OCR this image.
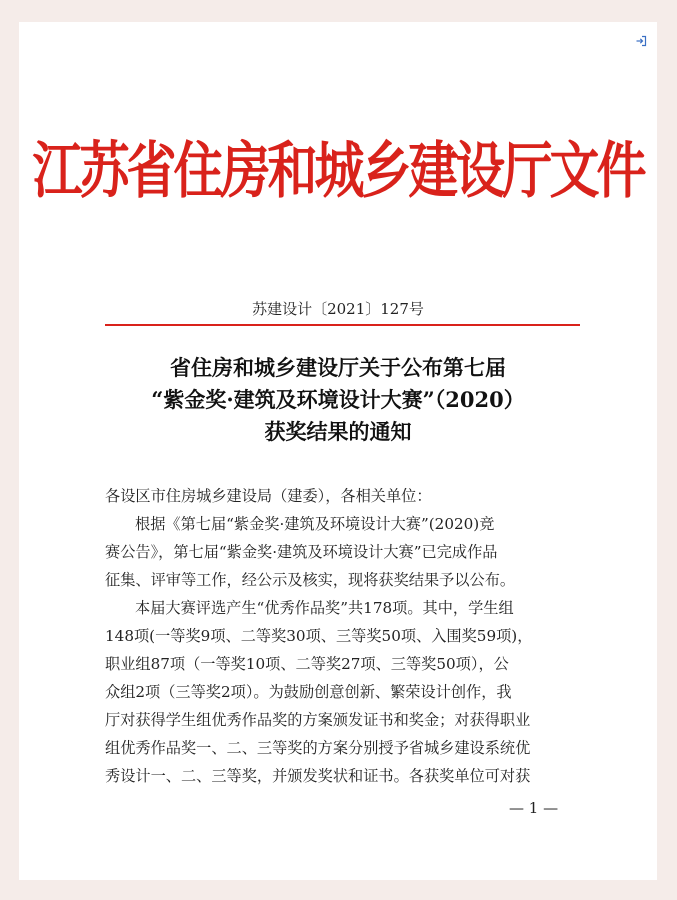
江苏省住房和城乡建设厅文件
苏建设计〔2021〕127号
省住房和城乡建设厅关于公布第七届
“紫金奖·建筑及环境设计大赛”（2020）
获奖结果的通知

各设区市住房城乡建设局（建委），各相关单位：

根据《第七届“紫金奖·建筑及环境设计大赛”(2020)竞

赛公告》，第七届“紫金奖·建筑及环境设计大赛”已完成作品

征集、评审等工作，经公示及核实，现将获奖结果予以公布。

本届大赛评选产生“优秀作品奖”共178项。其中，学生组

148项(一等奖9项、二等奖30项、三等奖50项、入围奖59项)，

职业组87项（一等奖10项、二等奖27项、三等奖50项），公

众组2项（三等奖2项）。为鼓励创意创新、繁荣设计创作，我

厅对获得学生组优秀作品奖的方案颁发证书和奖金；对获得职业

组优秀作品奖一、二、三等奖的方案分别授予省城乡建设系统优

秀设计一、二、三等奖，并颁发奖状和证书。各获奖单位可对获

— 1 —
